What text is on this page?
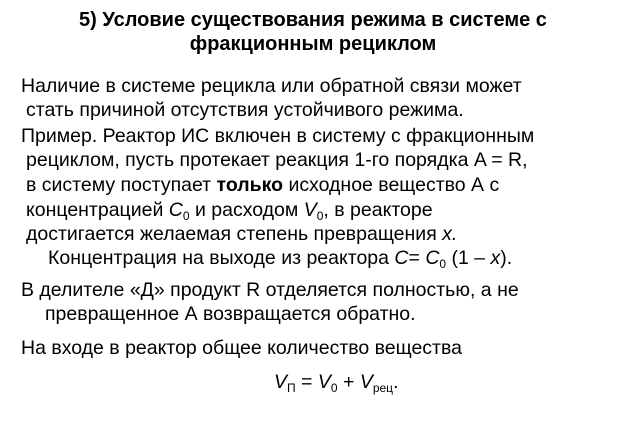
5) Условие существования режима в системе с
фракционным рециклом
Наличие в системе рецикла или обратной связи может
стать причиной отсутствия устойчивого режима.
Пример. Реактор ИС включен в систему с фракционным
рециклом, пусть протекает реакция 1-го порядка A = R,
в систему поступает только исходное вещество А с
концентрацией $C_0$ и расходом $V_0$, в реакторе
достигается желаемая степень превращения x.
Концентрация на выходе из реактора $C= C_0$ (1 – x).
В делителе «Д» продукт R отделяется полностью, а не
превращенное А возвращается обратно.
На входе в реактор общее количество вещества
$V_П = V_0 + V_{рец}$.
